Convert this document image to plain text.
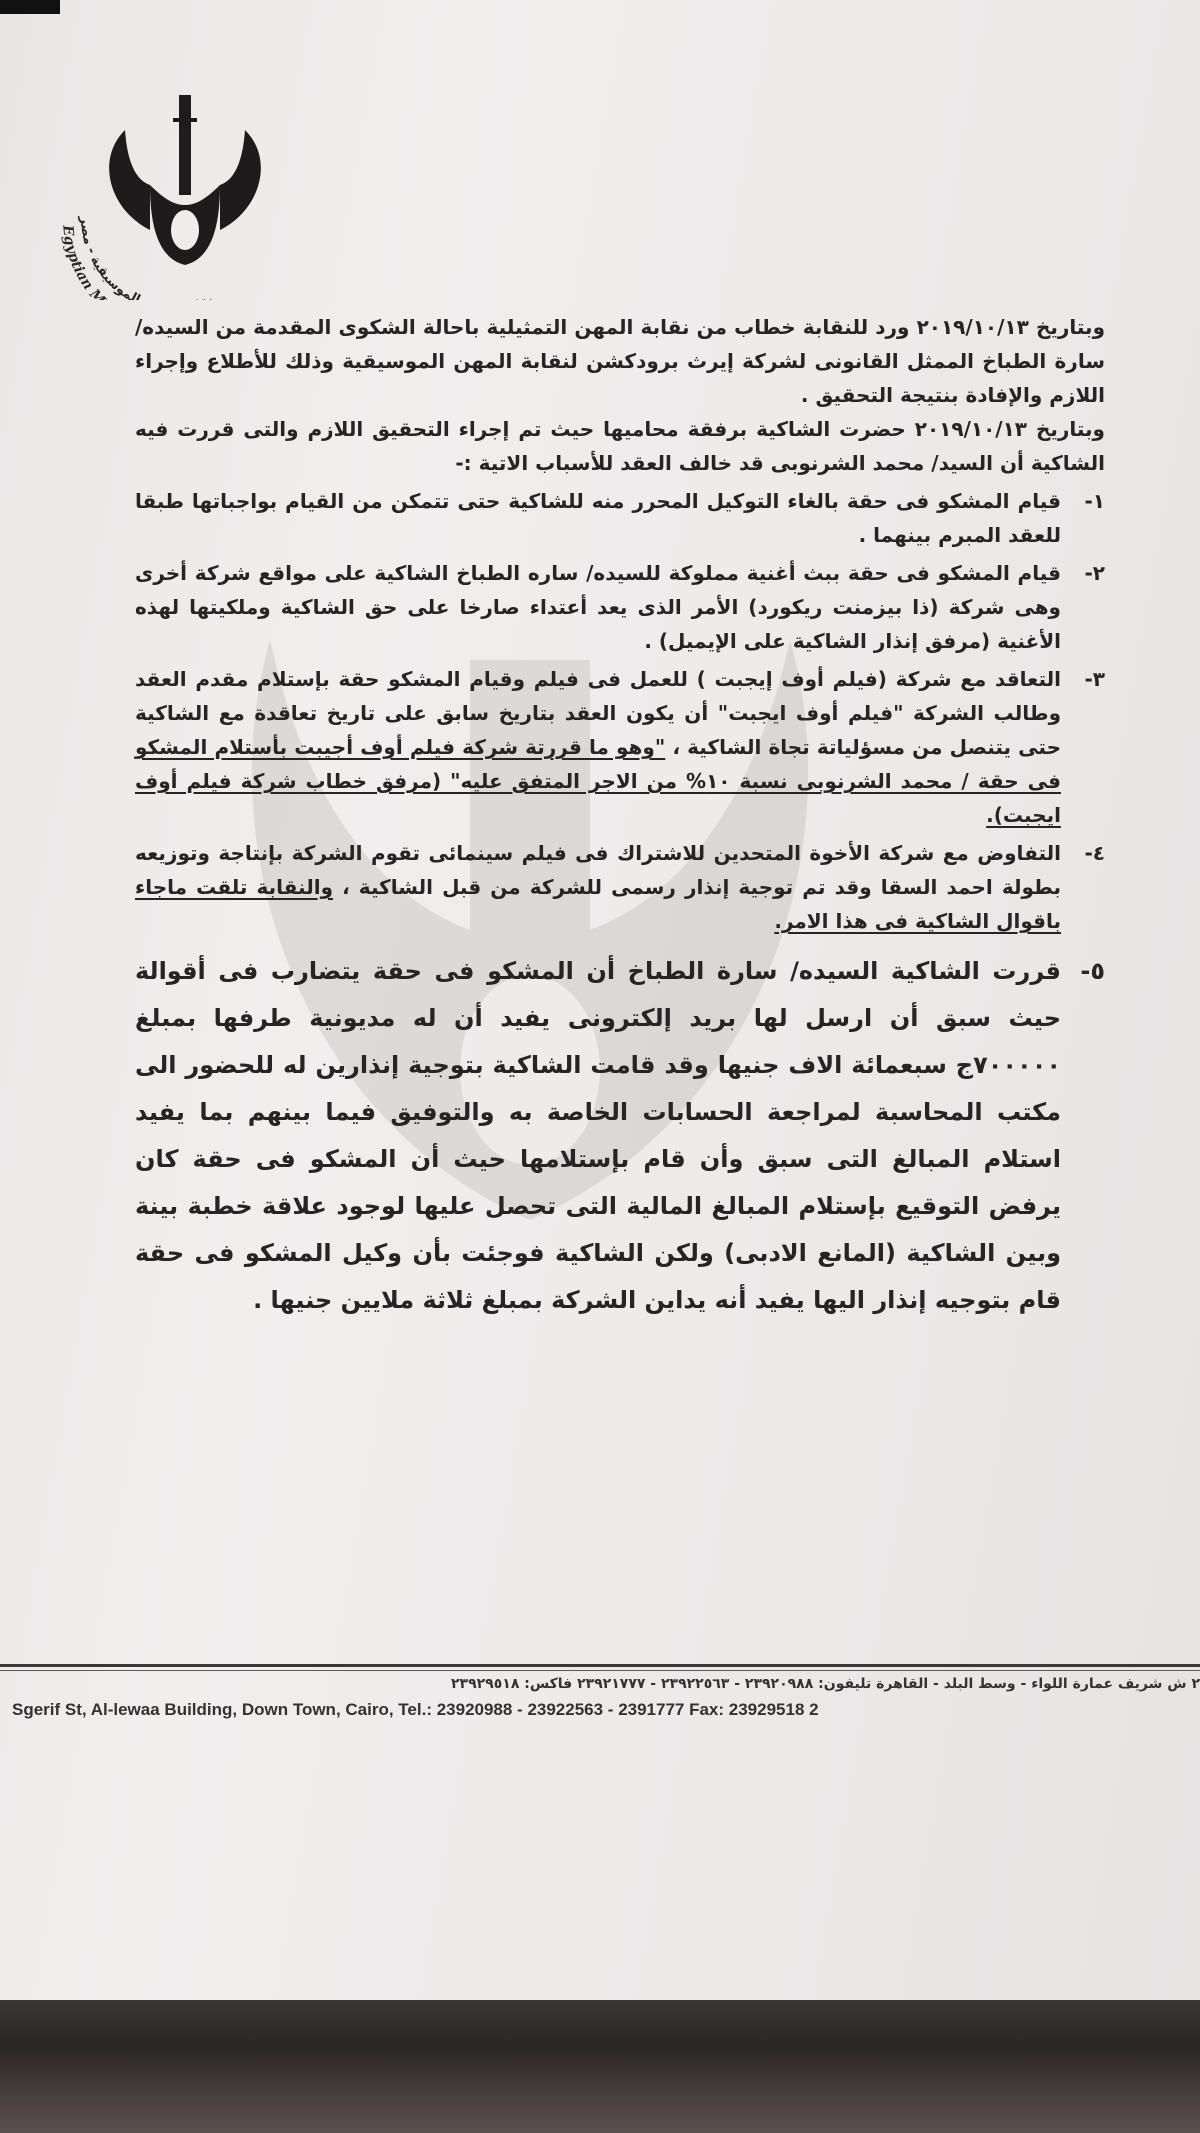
لموسيقية - مصر
Egyptian M

وبتاريخ ٢٠١٩/١٠/١٣ ورد للنقابة خطاب من نقابة المهن التمثيلية باحالة الشكوى المقدمة من السيده/ سارة الطباخ الممثل القانونى لشركة إيرث برودكشن لنقابة المهن الموسيقية وذلك للأطلاع وإجراء اللازم والإفادة بنتيجة التحقيق .

وبتاريخ ٢٠١٩/١٠/١٣ حضرت الشاكية برفقة محاميها حيث تم إجراء التحقيق اللازم والتى قررت فيه الشاكية أن السيد/ محمد الشرنوبى قد خالف العقد للأسباب الاتية :-

١-
قيام المشكو فى حقة بالغاء التوكيل المحرر منه للشاكية حتى تتمكن من القيام بواجباتها طبقا للعقد المبرم بينهما .
٢-
قيام المشكو فى حقة ببث أغنية مملوكة للسيده/ ساره الطباخ الشاكية على مواقع شركة أخرى وهى شركة (ذا بيزمنت ريكورد) الأمر الذى يعد أعتداء صارخا على حق الشاكية وملكيتها لهذه الأغنية (مرفق إنذار الشاكية على الإيميل) .
٣-
التعاقد مع شركة (فيلم أوف إيجبت ) للعمل فى فيلم وقيام المشكو حقة بإستلام مقدم العقد وطالب الشركة "فيلم أوف ايجبت" أن يكون العقد بتاريخ سابق على تاريخ تعاقدة مع الشاكية حتى يتنصل من مسؤلياتة تجاة الشاكية ، "وهو ما قررتة شركة فيلم أوف أجيبت بأستلام المشكو فى حقة / محمد الشرنوبى نسبة ١٠% من الاجر المتفق عليه" (مرفق خطاب شركة فيلم أوف ايجبت).
٤-
التفاوض مع شركة الأخوة المتحدين للاشتراك فى فيلم سينمائى تقوم الشركة بإنتاجة وتوزيعه بطولة احمد السقا وقد تم توجية إنذار رسمى للشركة من قبل الشاكية ، والنقابة تلقت ماجاء باقوال الشاكية فى هذا الامر.
٥-
قررت الشاكية السيده/ سارة الطباخ أن المشكو فى حقة يتضارب فى أقوالة حيث سبق أن ارسل لها بريد إلكترونى يفيد أن له مديونية طرفها بمبلغ ٧٠٠٠٠٠ج سبعمائة الاف جنيها وقد قامت الشاكية بتوجية إنذارين له للحضور الى مكتب المحاسبة لمراجعة الحسابات الخاصة به والتوفيق فيما بينهم بما يفيد استلام المبالغ التى سبق وأن قام بإستلامها حيث أن المشكو فى حقة كان يرفض التوقيع بإستلام المبالغ المالية التى تحصل عليها لوجود علاقة خطبة بينة وبين الشاكية (المانع الادبى) ولكن الشاكية فوجئت بأن وكيل المشكو فى حقة قام بتوجيه إنذار اليها يفيد أنه يداين الشركة بمبلغ ثلاثة ملايين جنيها .
٢ ش شريف عمارة اللواء - وسط البلد - القاهرة تليفون: ٢٣٩٢٠٩٨٨ - ٢٣٩٢٢٥٦٣ - ٢٣٩٢١٧٧٧ فاكس: ٢٣٩٢٩٥١٨
Sgerif St, Al-lewaa Building, Down Town, Cairo, Tel.: 23920988 - 23922563 - 2391777 Fax: 23929518 2
